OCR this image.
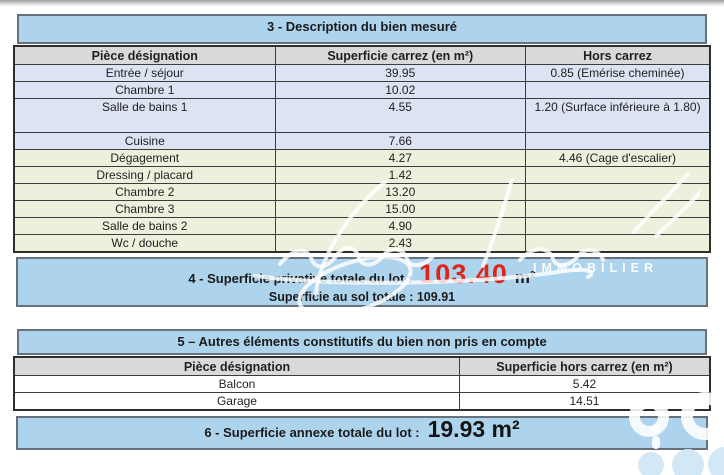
3 - Description du bien mesuré
Pièce désignation	Superficie carrez (en m²)	Hors carrez
Entrée / séjour	39.95	0.85 (Emérise cheminée)
Chambre 1	10.02	
Salle de bains 1	4.55	1.20 (Surface inférieure à 1.80)
Cuisine	7.66	
Dégagement	4.27	4.46 (Cage d'escalier)
Dressing / placard	1.42	
Chambre 2	13.20	
Chambre 3	15.00	
Salle de bains 2	4.90	
Wc / douche	2.43	
4 - Superficie privative totale du lot : 103.40 m²
Superficie au sol totale : 109.91
5 – Autres éléments constitutifs du bien non pris en compte
Pièce désignation	Superficie hors carrez (en m²)
Balcon	5.42
Garage	14.51
6 - Superficie annexe totale du lot : 19.93 m²
IMMOBILIER
